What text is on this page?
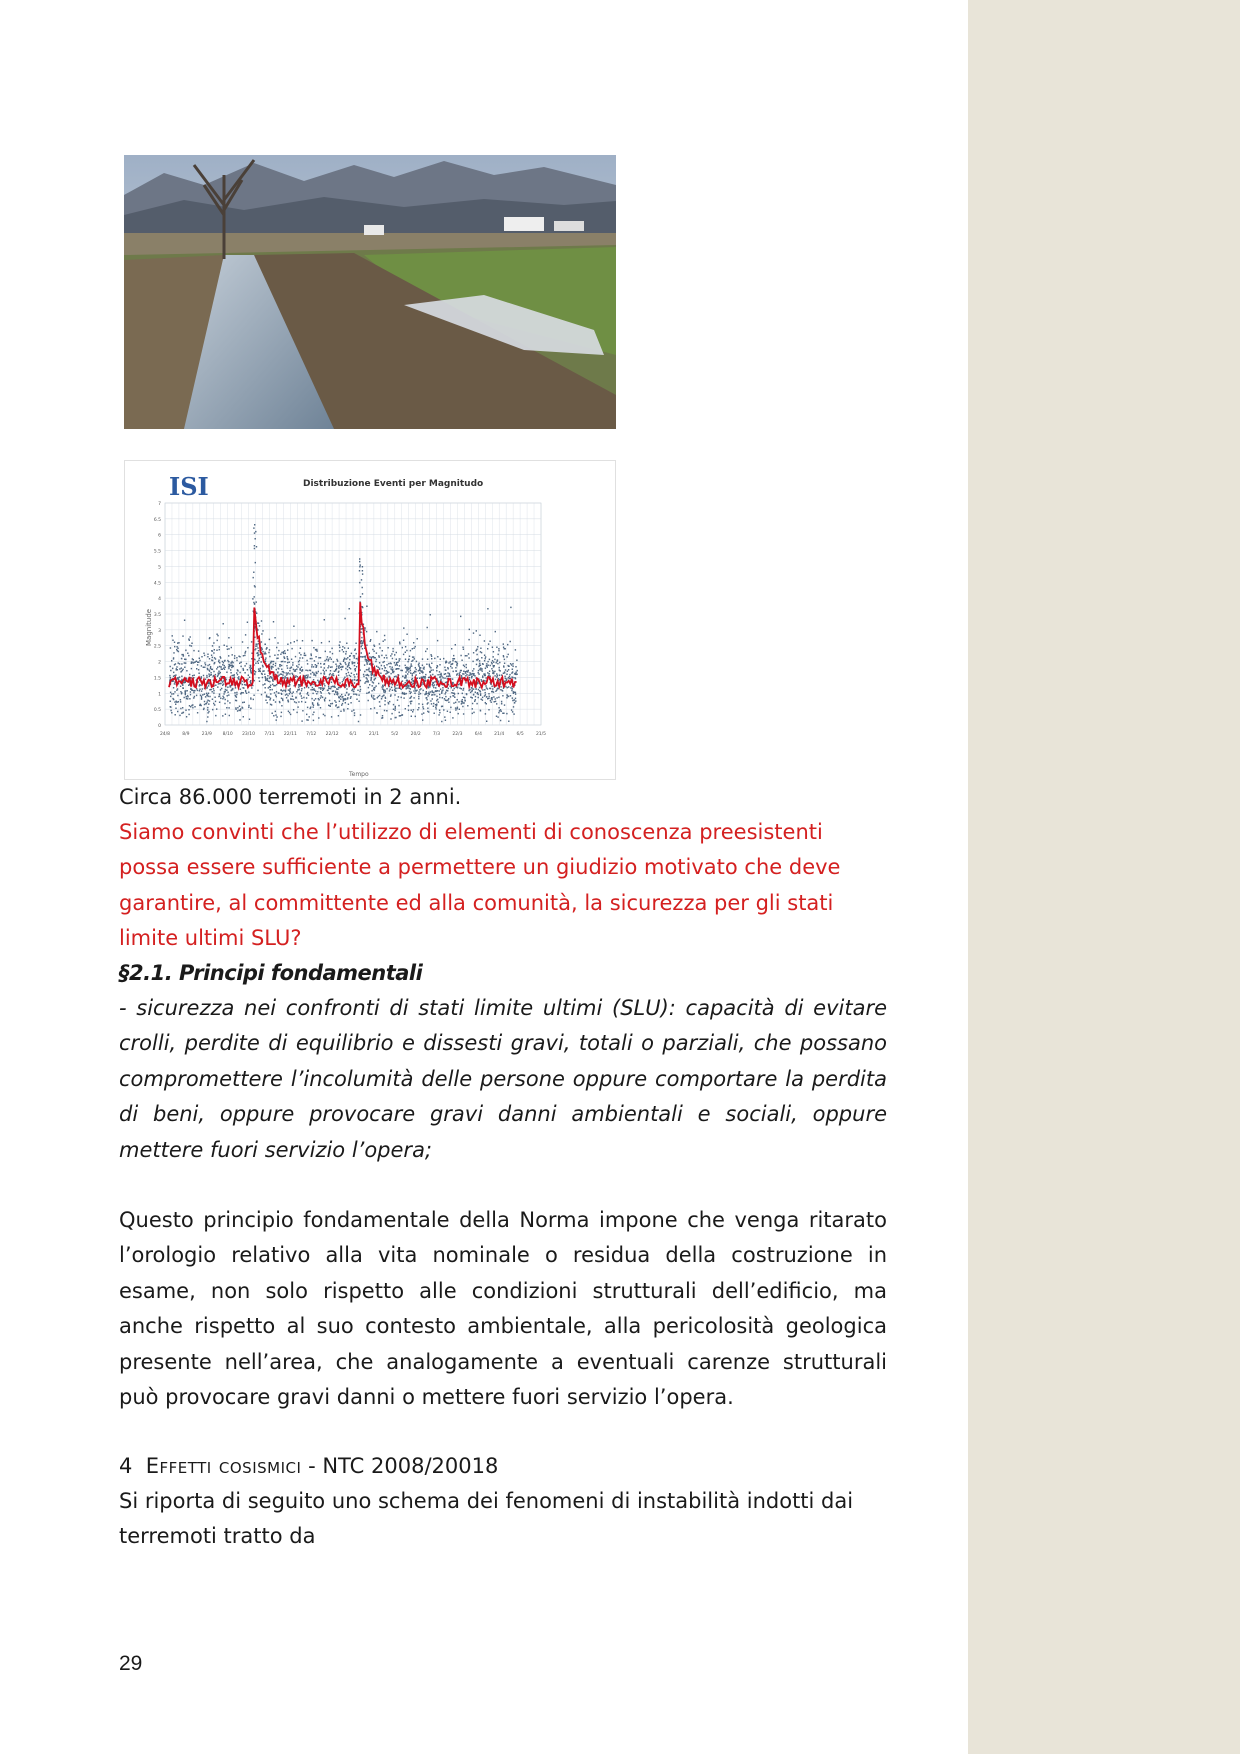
ISI	Distribuzione Eventi per Magnitudo
Magnitude
Tempo
0
0.5
1
1.5
2
2.5
3
3.5
4
4.5
5
5.5
6
6.5
7
24/8	8/9	23/9 8/10 23/10 7/11 22/11 7/12 22/12 6/1	21/1	5/2	20/2	7/3	22/3	6/4	21/4	6/5	21/5
Circa 86.000 terremoti in 2 anni.
Siamo convinti che l’utilizzo di elementi di conoscenza preesistenti possa essere sufficiente a permettere un giudizio motivato che deve garantire, al committente ed alla comunità, la sicurezza per gli stati limite ultimi SLU?
§2.1. Principi fondamentali
- sicurezza nei confronti di stati limite ultimi (SLU): capacità di evitare crolli, perdite di equilibrio e dissesti gravi, totali o parziali, che possano compromettere l’incolumità delle persone oppure comportare la perdita di beni, oppure provocare gravi danni ambientali e sociali, oppure mettere fuori servizio l’opera;
Questo principio fondamentale della Norma impone che venga ritarato l’orologio relativo alla vita nominale o residua della costruzione in esame, non solo rispetto alle condizioni strutturali dell’edificio, ma anche rispetto al suo contesto ambientale, alla pericolosità geologica presente nell’area, che analogamente a eventuali carenze strutturali può provocare gravi danni o mettere fuori servizio l’opera.
4 Effetti cosismici - NTC 2008/20018
Si riporta di seguito uno schema dei fenomeni di instabilità indotti dai terremoti tratto da
29
